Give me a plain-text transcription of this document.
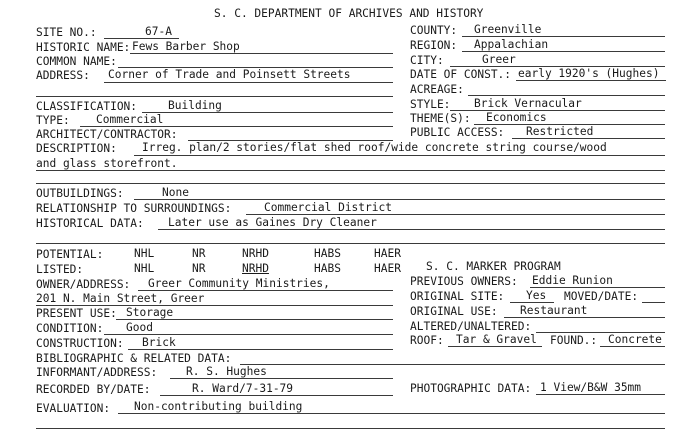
S. C. DEPARTMENT OF ARCHIVES AND HISTORY
SITE NO.:	67-A
HISTORIC NAME: Fews Barber Shop
COMMON NAME:
ADDRESS: Corner of Trade and Poinsett Streets
CLASSIFICATION:	Building
TYPE: Commercial
ARCHITECT/CONTRACTOR:
COUNTY: Greenville
REGION: Appalachian
CITY:	Greer
DATE OF CONST.: early 1920's (Hughes)
ACREAGE:
STYLE: Brick Vernacular
THEME(S): Economics
PUBLIC ACCESS: Restricted
DESCRIPTION: Irreg. plan/2 stories/flat shed roof/wide concrete string course/wood
and glass storefront.
OUTBUILDINGS:	None
RELATIONSHIP TO SURROUNDINGS:	Commercial District
HISTORICAL DATA: Later use as Gaines Dry Cleaner
POTENTIAL:	NHL	NR	NRHD	HABS	HAER
LISTED:	NHL	NR	NRHD	HABS	HAER S. C. MARKER PROGRAM
OWNER/ADDRESS: Greer Community Ministries,
201 N. Main Street, Greer
PRESENT USE: Storage
CONDITION: Good
CONSTRUCTION: Brick
BIBLIOGRAPHIC & RELATED DATA:
INFORMANT/ADDRESS:	R. S. Hughes
RECORDED BY/DATE:	R. Ward/7-31-79
EVALUATION: Non-contributing building
PREVIOUS OWNERS: Eddie Runion
ORIGINAL SITE: Yes MOVED/DATE:
ORIGINAL USE: Restaurant
ALTERED/UNALTERED:
ROOF: Tar & Gravel FOUND.: Concrete
PHOTOGRAPHIC DATA: 1 View/B&W 35mm
